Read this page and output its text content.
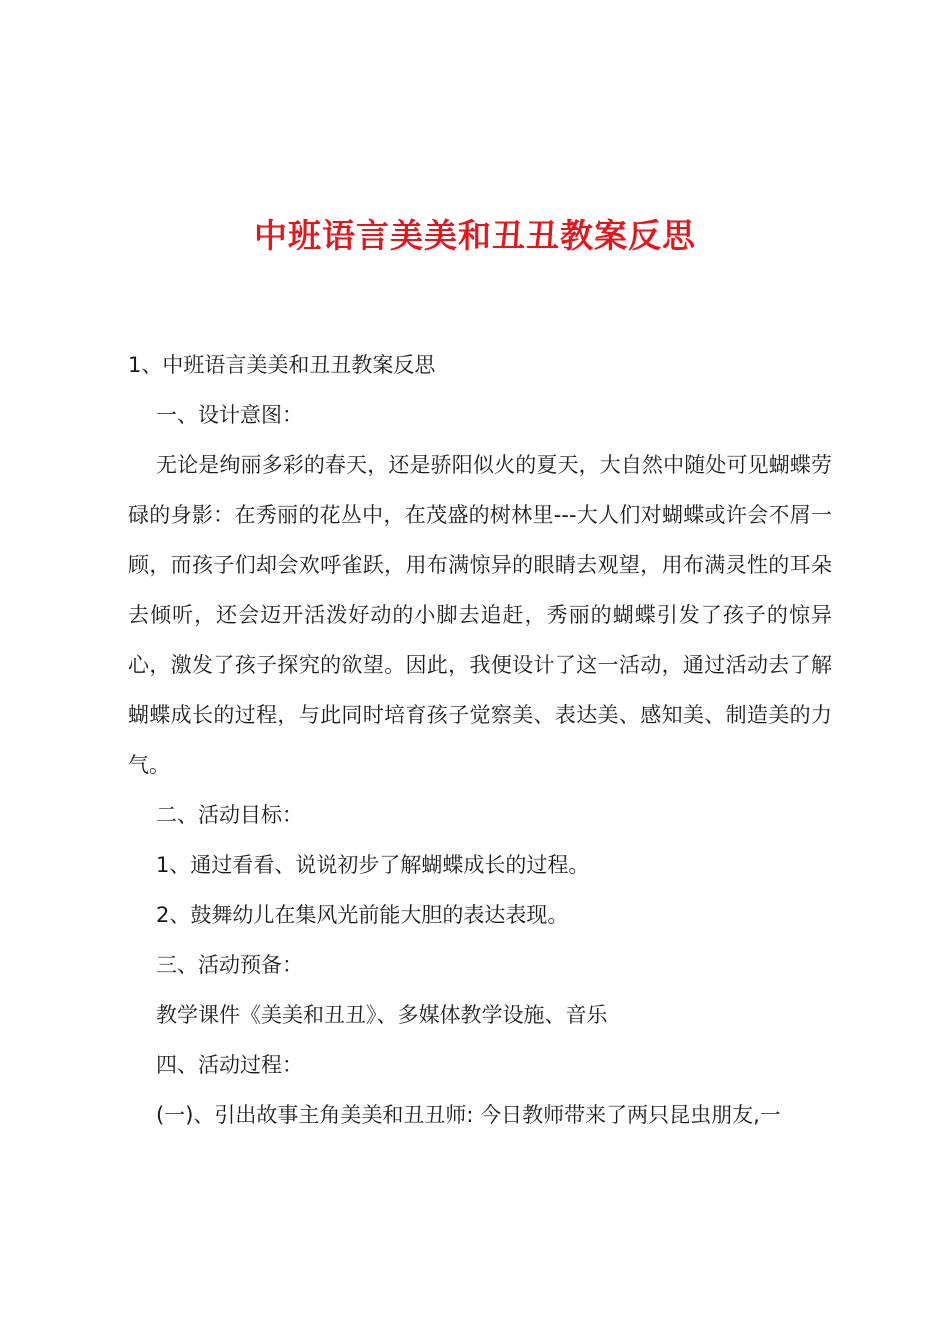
中班语言美美和丑丑教案反思

1、中班语言美美和丑丑教案反思

一、设计意图：

无论是绚丽多彩的春天，还是骄阳似火的夏天，大自然中随处可见蝴蝶劳碌的身影：在秀丽的花丛中，在茂盛的树林里---大人们对蝴蝶或许会不屑一顾，而孩子们却会欢呼雀跃，用布满惊异的眼睛去观望，用布满灵性的耳朵去倾听，还会迈开活泼好动的小脚去追赶，秀丽的蝴蝶引发了孩子的惊异心，激发了孩子探究的欲望。因此，我便设计了这一活动，通过活动去了解蝴蝶成长的过程，与此同时培育孩子觉察美、表达美、感知美、制造美的力气。

二、活动目标：

1、通过看看、说说初步了解蝴蝶成长的过程。

2、鼓舞幼儿在集风光前能大胆的表达表现。

三、活动预备：

教学课件《美美和丑丑》、多媒体教学设施、音乐

四、活动过程：

(一)、引出故事主角美美和丑丑师: 今日教师带来了两只昆虫朋友,一
